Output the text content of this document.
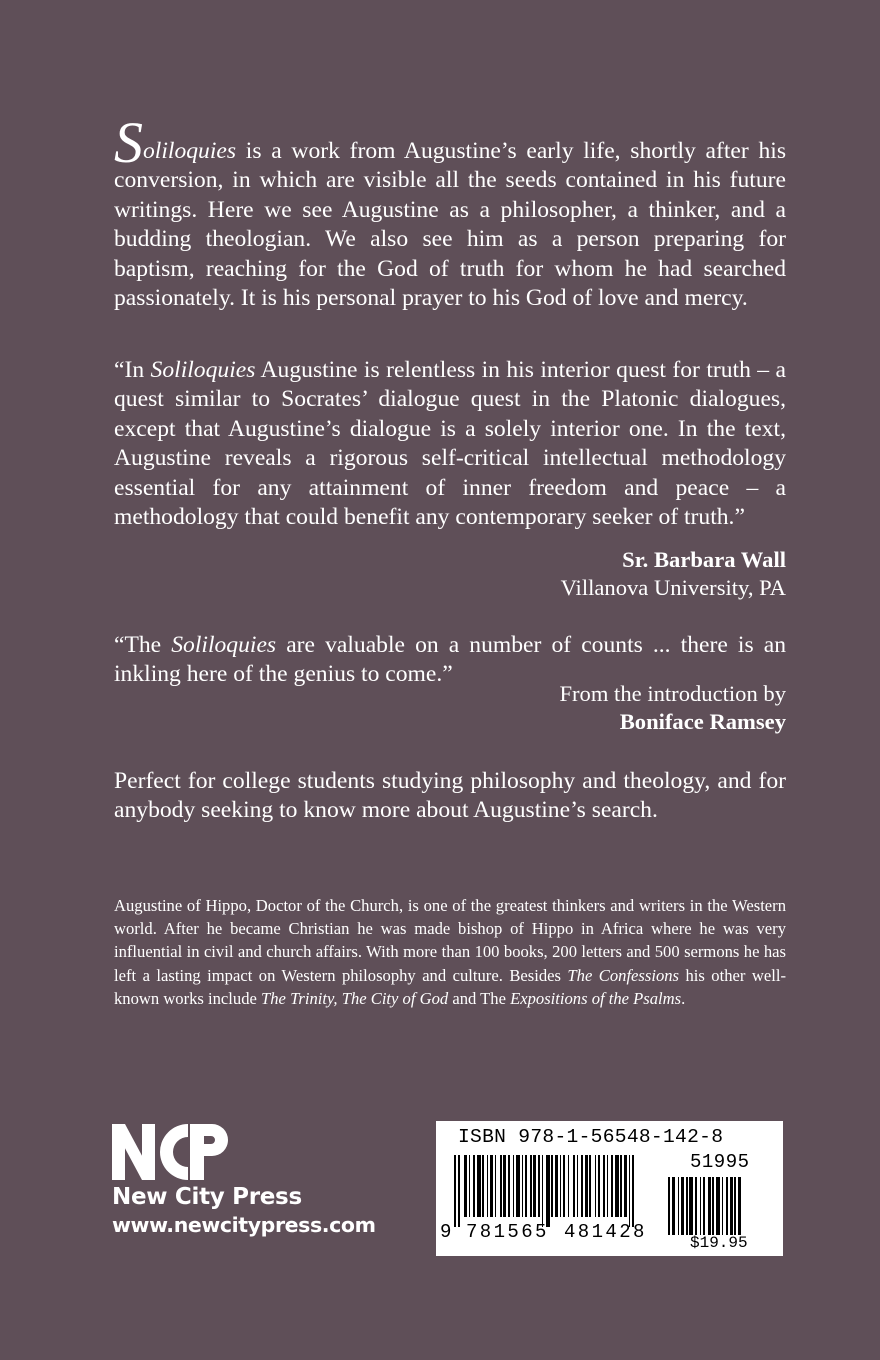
Soliloquies is a work from Augustine’s early life, shortly after his conversion, in which are visible all the seeds contained in his future writings. Here we see Augustine as a philosopher, a thinker, and a budding theologian. We also see him as a person preparing for baptism, reaching for the God of truth for whom he had searched passionately. It is his personal prayer to his God of love and mercy.
“In Soliloquies Augustine is relentless in his interior quest for truth – a quest similar to Socrates’ dialogue quest in the Platonic dialogues, except that Augustine’s dialogue is a solely interior one. In the text, Augustine reveals a rigorous self-critical intellectual methodology essential for any attainment of inner freedom and peace – a methodology that could benefit any contemporary seeker of truth.”
Sr. Barbara Wall
Villanova University, PA
“The Soliloquies are valuable on a number of counts ... there is an inkling here of the genius to come.”
From the introduction by
Boniface Ramsey
Perfect for college students studying philosophy and theology, and for anybody seeking to know more about Augustine’s search.
Augustine of Hippo, Doctor of the Church, is one of the greatest thinkers and writers in the Western world. After he became Christian he was made bishop of Hippo in Africa where he was very influential in civil and church affairs. With more than 100 books, 200 letters and 500 sermons he has left a lasting impact on Western philosophy and culture. Besides The Confessions his other well-known works include The Trinity, The City of God and The Expositions of the Psalms.
New City Press
www.newcitypress.com
ISBN 978-1-56548-142-8
51995
9 781565 481428	$19.95
